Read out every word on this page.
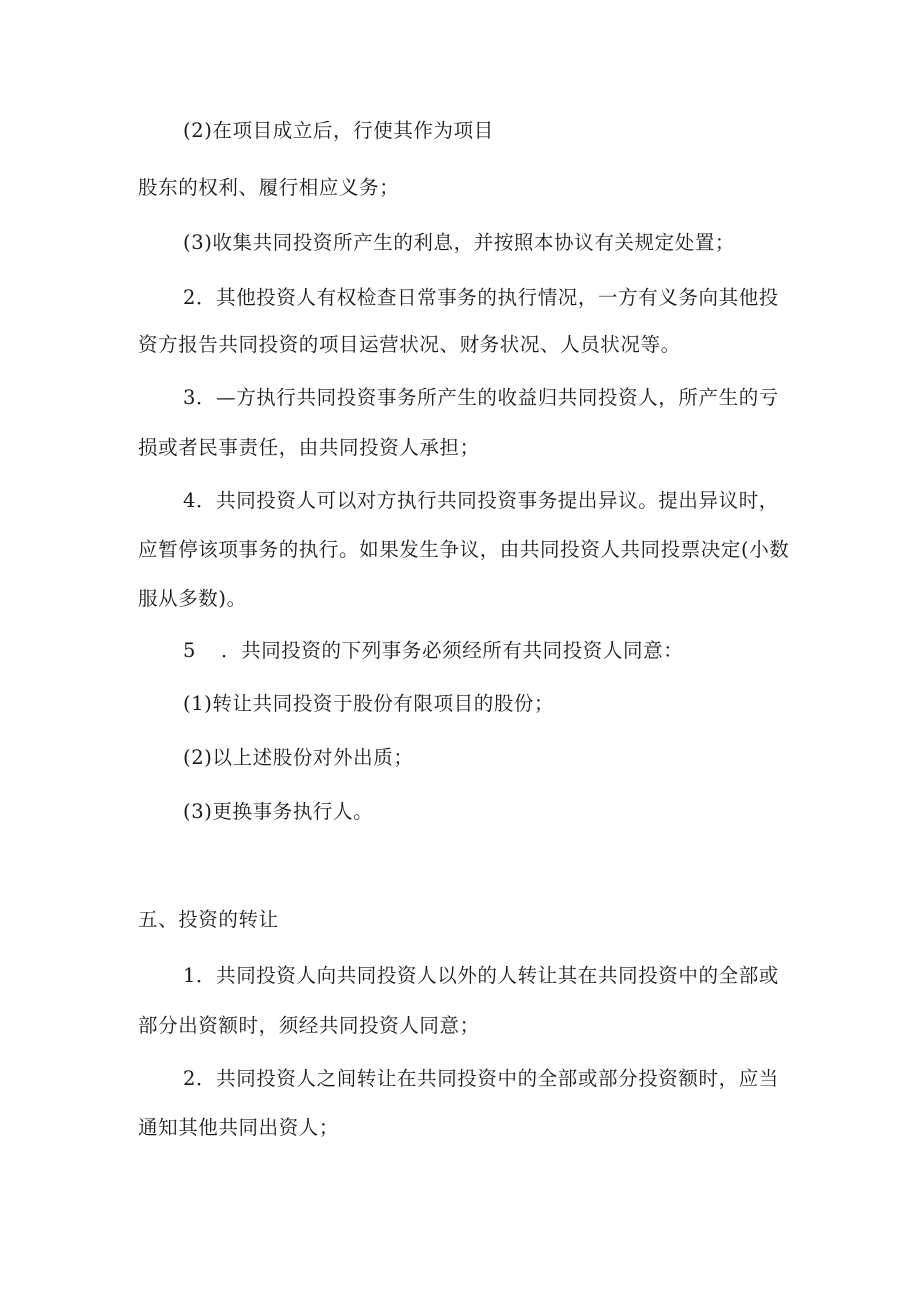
(2)在项目成立后，行使其作为项目
股东的权利、履行相应义务；
(3)收集共同投资所产生的利息，并按照本协议有关规定处置；
2．其他投资人有权检查日常事务的执行情况，一方有义务向其他投
资方报告共同投资的项目运营状况、财务状况、人员状况等。
3．—方执行共同投资事务所产生的收益归共同投资人，所产生的亏
损或者民事责任，由共同投资人承担；
4．共同投资人可以对方执行共同投资事务提出异议。提出异议时，
应暂停该项事务的执行。如果发生争议，由共同投资人共同投票决定(小数
服从多数)。
5 ．共同投资的下列事务必须经所有共同投资人同意：
(1)转让共同投资于股份有限项目的股份；
(2)以上述股份对外出质；
(3)更换事务执行人。
五、投资的转让
1．共同投资人向共同投资人以外的人转让其在共同投资中的全部或
部分出资额时，须经共同投资人同意；
2．共同投资人之间转让在共同投资中的全部或部分投资额时，应当
通知其他共同出资人；
